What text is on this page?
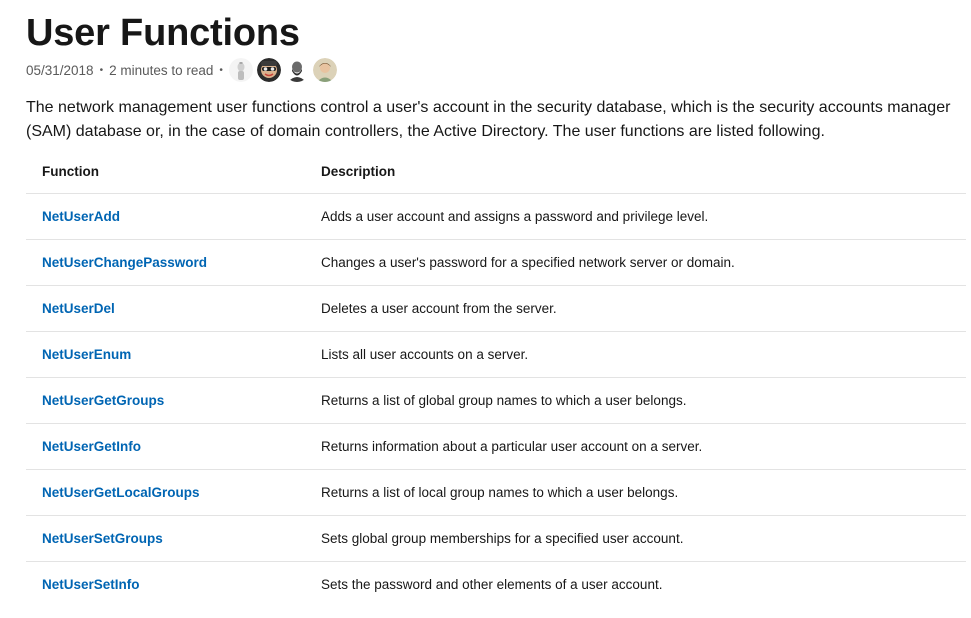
User Functions
05/31/2018 • 2 minutes to read •

The network management user functions control a user's account in the security database, which is the security accounts manager (SAM) database or, in the case of domain controllers, the Active Directory. The user functions are listed following.

Function	Description
NetUserAdd	Adds a user account and assigns a password and privilege level.
NetUserChangePassword	Changes a user's password for a specified network server or domain.
NetUserDel	Deletes a user account from the server.
NetUserEnum	Lists all user accounts on a server.
NetUserGetGroups	Returns a list of global group names to which a user belongs.
NetUserGetInfo	Returns information about a particular user account on a server.
NetUserGetLocalGroups	Returns a list of local group names to which a user belongs.
NetUserSetGroups	Sets global group memberships for a specified user account.
NetUserSetInfo	Sets the password and other elements of a user account.
